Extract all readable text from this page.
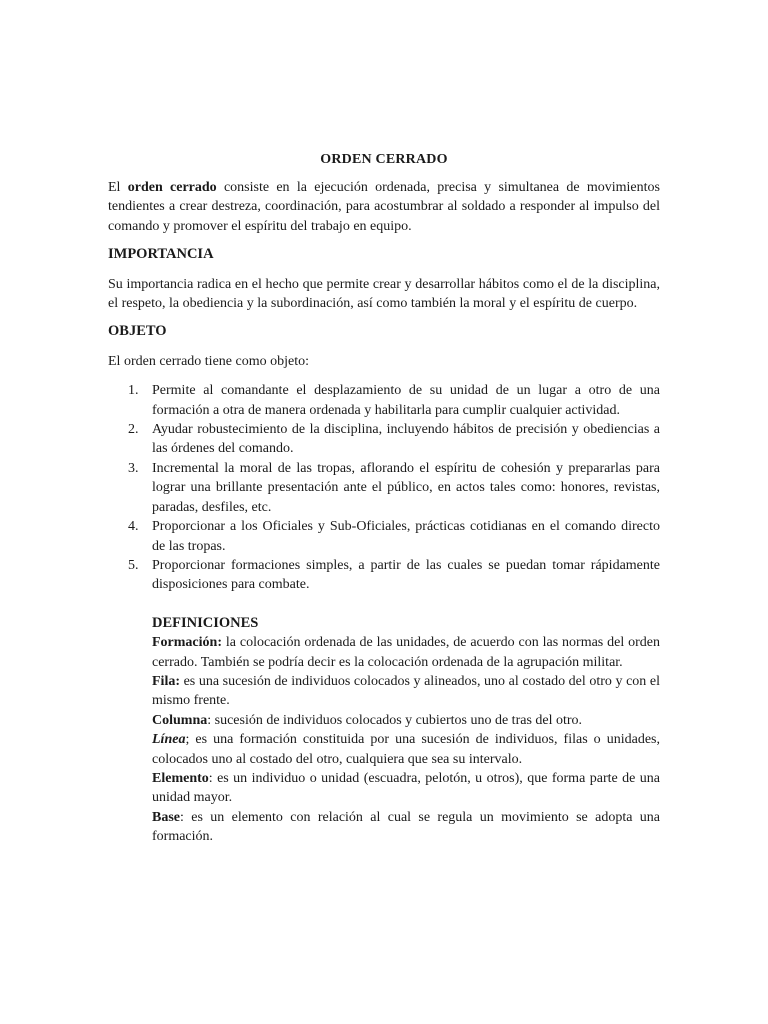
ORDEN CERRADO

El orden cerrado consiste en la ejecución ordenada, precisa y simultanea de movimientos tendientes a crear destreza, coordinación, para acostumbrar al soldado a responder al impulso del comando y promover el espíritu del trabajo en equipo.

IMPORTANCIA

Su importancia radica en el hecho que permite crear y desarrollar hábitos como el de la disciplina, el respeto, la obediencia y la subordinación, así como también la moral y el espíritu de cuerpo.

OBJETO

El orden cerrado tiene como objeto:

1. Permite al comandante el desplazamiento de su unidad de un lugar a otro de una formación a otra de manera ordenada y habilitarla para cumplir cualquier actividad.
2. Ayudar robustecimiento de la disciplina, incluyendo hábitos de precisión y obediencias a las órdenes del comando.
3. Incremental la moral de las tropas, aflorando el espíritu de cohesión y prepararlas para lograr una brillante presentación ante el público, en actos tales como: honores, revistas, paradas, desfiles, etc.
4. Proporcionar a los Oficiales y Sub-Oficiales, prácticas cotidianas en el comando directo de las tropas.
5. Proporcionar formaciones simples, a partir de las cuales se puedan tomar rápidamente disposiciones para combate.

DEFINICIONES

Formación: la colocación ordenada de las unidades, de acuerdo con las normas del orden cerrado. También se podría decir es la colocación ordenada de la agrupación militar.

Fila: es una sucesión de individuos colocados y alineados, uno al costado del otro y con el mismo frente.

Columna: sucesión de individuos colocados y cubiertos uno de tras del otro.

Línea; es una formación constituida por una sucesión de individuos, filas o unidades, colocados uno al costado del otro, cualquiera que sea su intervalo.

Elemento: es un individuo o unidad (escuadra, pelotón, u otros), que forma parte de una unidad mayor.

Base: es un elemento con relación al cual se regula un movimiento se adopta una formación.
